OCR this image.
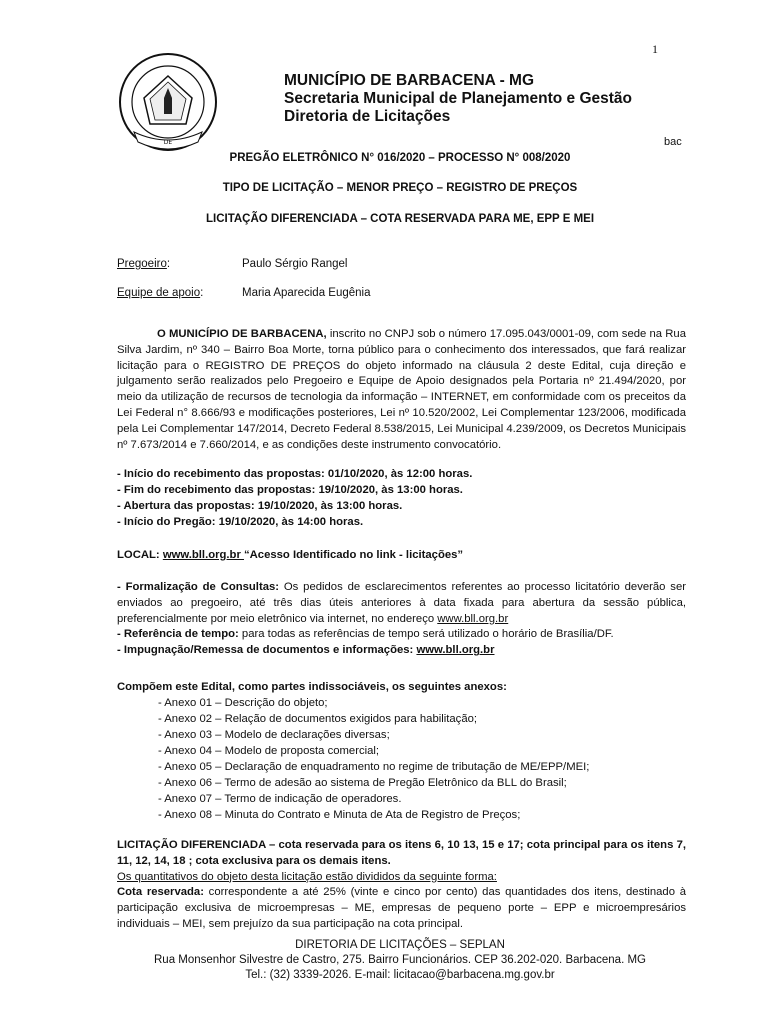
1
DE
MUNICÍPIO DE BARBACENA - MG
Secretaria Municipal de Planejamento e Gestão
Diretoria de Licitações
bac
PREGÃO ELETRÔNICO N° 016/2020 – PROCESSO N° 008/2020
TIPO DE LICITAÇÃO – MENOR PREÇO – REGISTRO DE PREÇOS
LICITAÇÃO DIFERENCIADA – COTA RESERVADA PARA ME, EPP E MEI
Pregoeiro:	Paulo Sérgio Rangel
Equipe de apoio:	Maria Aparecida Eugênia

O MUNICÍPIO DE BARBACENA, inscrito no CNPJ sob o número 17.095.043/0001-09, com sede na Rua Silva Jardim, nº 340 – Bairro Boa Morte, torna público para o conhecimento dos interessados, que fará realizar licitação para o REGISTRO DE PREÇOS do objeto informado na cláusula 2 deste Edital, cuja direção e julgamento serão realizados pelo Pregoeiro e Equipe de Apoio designados pela Portaria nº 21.494/2020, por meio da utilização de recursos de tecnologia da informação – INTERNET, em conformidade com os preceitos da Lei Federal n° 8.666/93 e modificações posteriores, Lei nº 10.520/2002, Lei Complementar 123/2006, modificada pela Lei Complementar 147/2014, Decreto Federal 8.538/2015, Lei Municipal 4.239/2009, os Decretos Municipais nº 7.673/2014 e 7.660/2014, e as condições deste instrumento convocatório.

- Início do recebimento das propostas: 01/10/2020, às 12:00 horas.
- Fim do recebimento das propostas: 19/10/2020, às 13:00 horas.
- Abertura das propostas: 19/10/2020, às 13:00 horas.
- Início do Pregão: 19/10/2020, às 14:00 horas.
LOCAL: www.bll.org.br “Acesso Identificado no link - licitações”

- Formalização de Consultas: Os pedidos de esclarecimentos referentes ao processo licitatório deverão ser enviados ao pregoeiro, até três dias úteis anteriores à data fixada para abertura da sessão pública, preferencialmente por meio eletrônico via internet, no endereço www.bll.org.br

- Referência de tempo: para todas as referências de tempo será utilizado o horário de Brasília/DF.

- Impugnação/Remessa de documentos e informações: www.bll.org.br

Compõem este Edital, como partes indissociáveis, os seguintes anexos:
- Anexo 01 – Descrição do objeto;
- Anexo 02 – Relação de documentos exigidos para habilitação;
- Anexo 03 – Modelo de declarações diversas;
- Anexo 04 – Modelo de proposta comercial;
- Anexo 05 – Declaração de enquadramento no regime de tributação de ME/EPP/MEI;
- Anexo 06 – Termo de adesão ao sistema de Pregão Eletrônico da BLL do Brasil;
- Anexo 07 – Termo de indicação de operadores.
- Anexo 08 – Minuta do Contrato e Minuta de Ata de Registro de Preços;

LICITAÇÃO DIFERENCIADA – cota reservada para os itens 6, 10 13, 15 e 17; cota principal para os itens 7, 11, 12, 14, 18 ; cota exclusiva para os demais itens.

Os quantitativos do objeto desta licitação estão divididos da seguinte forma:

Cota reservada: correspondente a até 25% (vinte e cinco por cento) das quantidades dos itens, destinado à participação exclusiva de microempresas – ME, empresas de pequeno porte – EPP e microempresários individuais – MEI, sem prejuízo da sua participação na cota principal.

DIRETORIA DE LICITAÇÕES – SEPLAN
Rua Monsenhor Silvestre de Castro, 275. Bairro Funcionários. CEP 36.202-020. Barbacena. MG
Tel.: (32) 3339-2026. E-mail: licitacao@barbacena.mg.gov.br
